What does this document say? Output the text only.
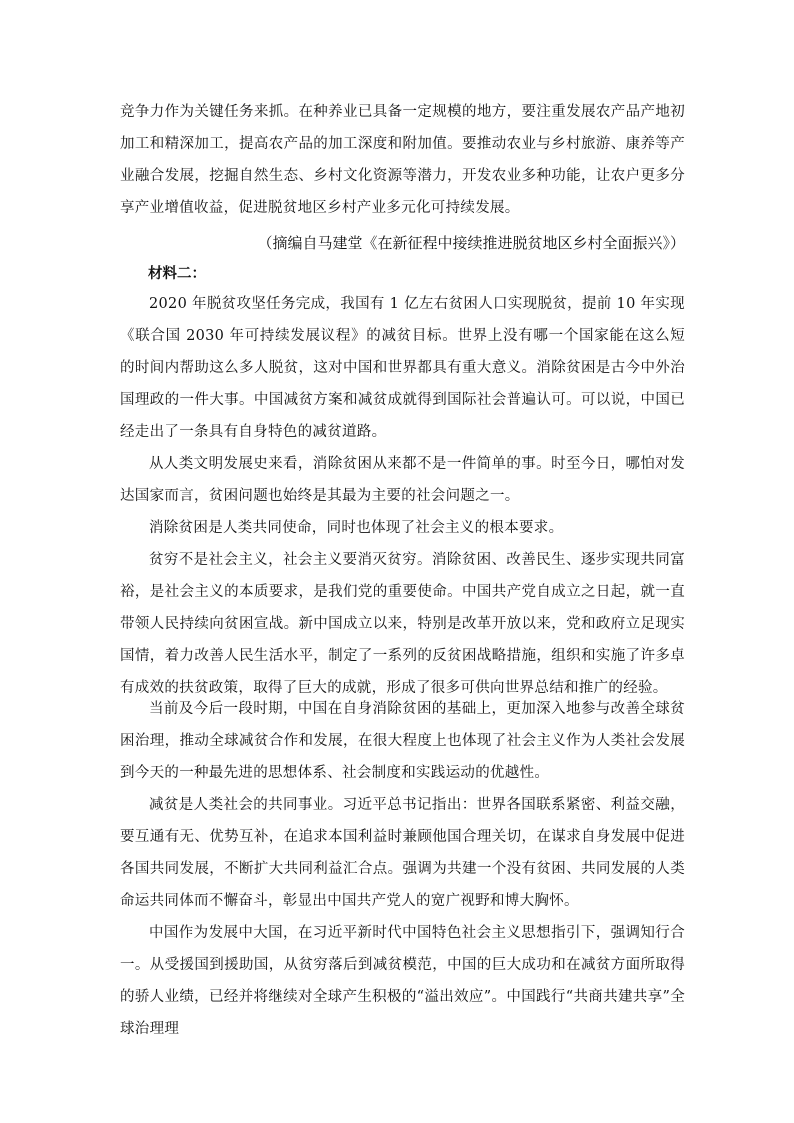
竞争力作为关键任务来抓。在种养业已具备一定规模的地方，要注重发展农产品产地初加工和精深加工，提高农产品的加工深度和附加值。要推动农业与乡村旅游、康养等产业融合发展，挖掘自然生态、乡村文化资源等潜力，开发农业多种功能，让农户更多分享产业增值收益，促进脱贫地区乡村产业多元化可持续发展。
（摘编自马建堂《在新征程中接续推进脱贫地区乡村全面振兴》）
材料二：
2020 年脱贫攻坚任务完成，我国有 1 亿左右贫困人口实现脱贫，提前 10 年实现《联合国 2030 年可持续发展议程》的减贫目标。世界上没有哪一个国家能在这么短的时间内帮助这么多人脱贫，这对中国和世界都具有重大意义。消除贫困是古今中外治国理政的一件大事。中国减贫方案和减贫成就得到国际社会普遍认可。可以说，中国已经走出了一条具有自身特色的减贫道路。
从人类文明发展史来看，消除贫困从来都不是一件简单的事。时至今日，哪怕对发达国家而言，贫困问题也始终是其最为主要的社会问题之一。
消除贫困是人类共同使命，同时也体现了社会主义的根本要求。
贫穷不是社会主义，社会主义要消灭贫穷。消除贫困、改善民生、逐步实现共同富裕，是社会主义的本质要求，是我们党的重要使命。中国共产党自成立之日起，就一直带领人民持续向贫困宣战。新中国成立以来，特别是改革开放以来，党和政府立足现实国情，着力改善人民生活水平，制定了一系列的反贫困战略措施，组织和实施了许多卓有成效的扶贫政策，取得了巨大的成就，形成了很多可供向世界总结和推广的经验。
当前及今后一段时期，中国在自身消除贫困的基础上，更加深入地参与改善全球贫困治理，推动全球减贫合作和发展，在很大程度上也体现了社会主义作为人类社会发展到今天的一种最先进的思想体系、社会制度和实践运动的优越性。
减贫是人类社会的共同事业。习近平总书记指出：世界各国联系紧密、利益交融，要互通有无、优势互补，在追求本国利益时兼顾他国合理关切，在谋求自身发展中促进各国共同发展，不断扩大共同利益汇合点。强调为共建一个没有贫困、共同发展的人类命运共同体而不懈奋斗，彰显出中国共产党人的宽广视野和博大胸怀。
中国作为发展中大国，在习近平新时代中国特色社会主义思想指引下，强调知行合一。从受援国到援助国，从贫穷落后到减贫模范，中国的巨大成功和在减贫方面所取得的骄人业绩，已经并将继续对全球产生积极的“溢出效应”。中国践行“共商共建共享”全球治理理
